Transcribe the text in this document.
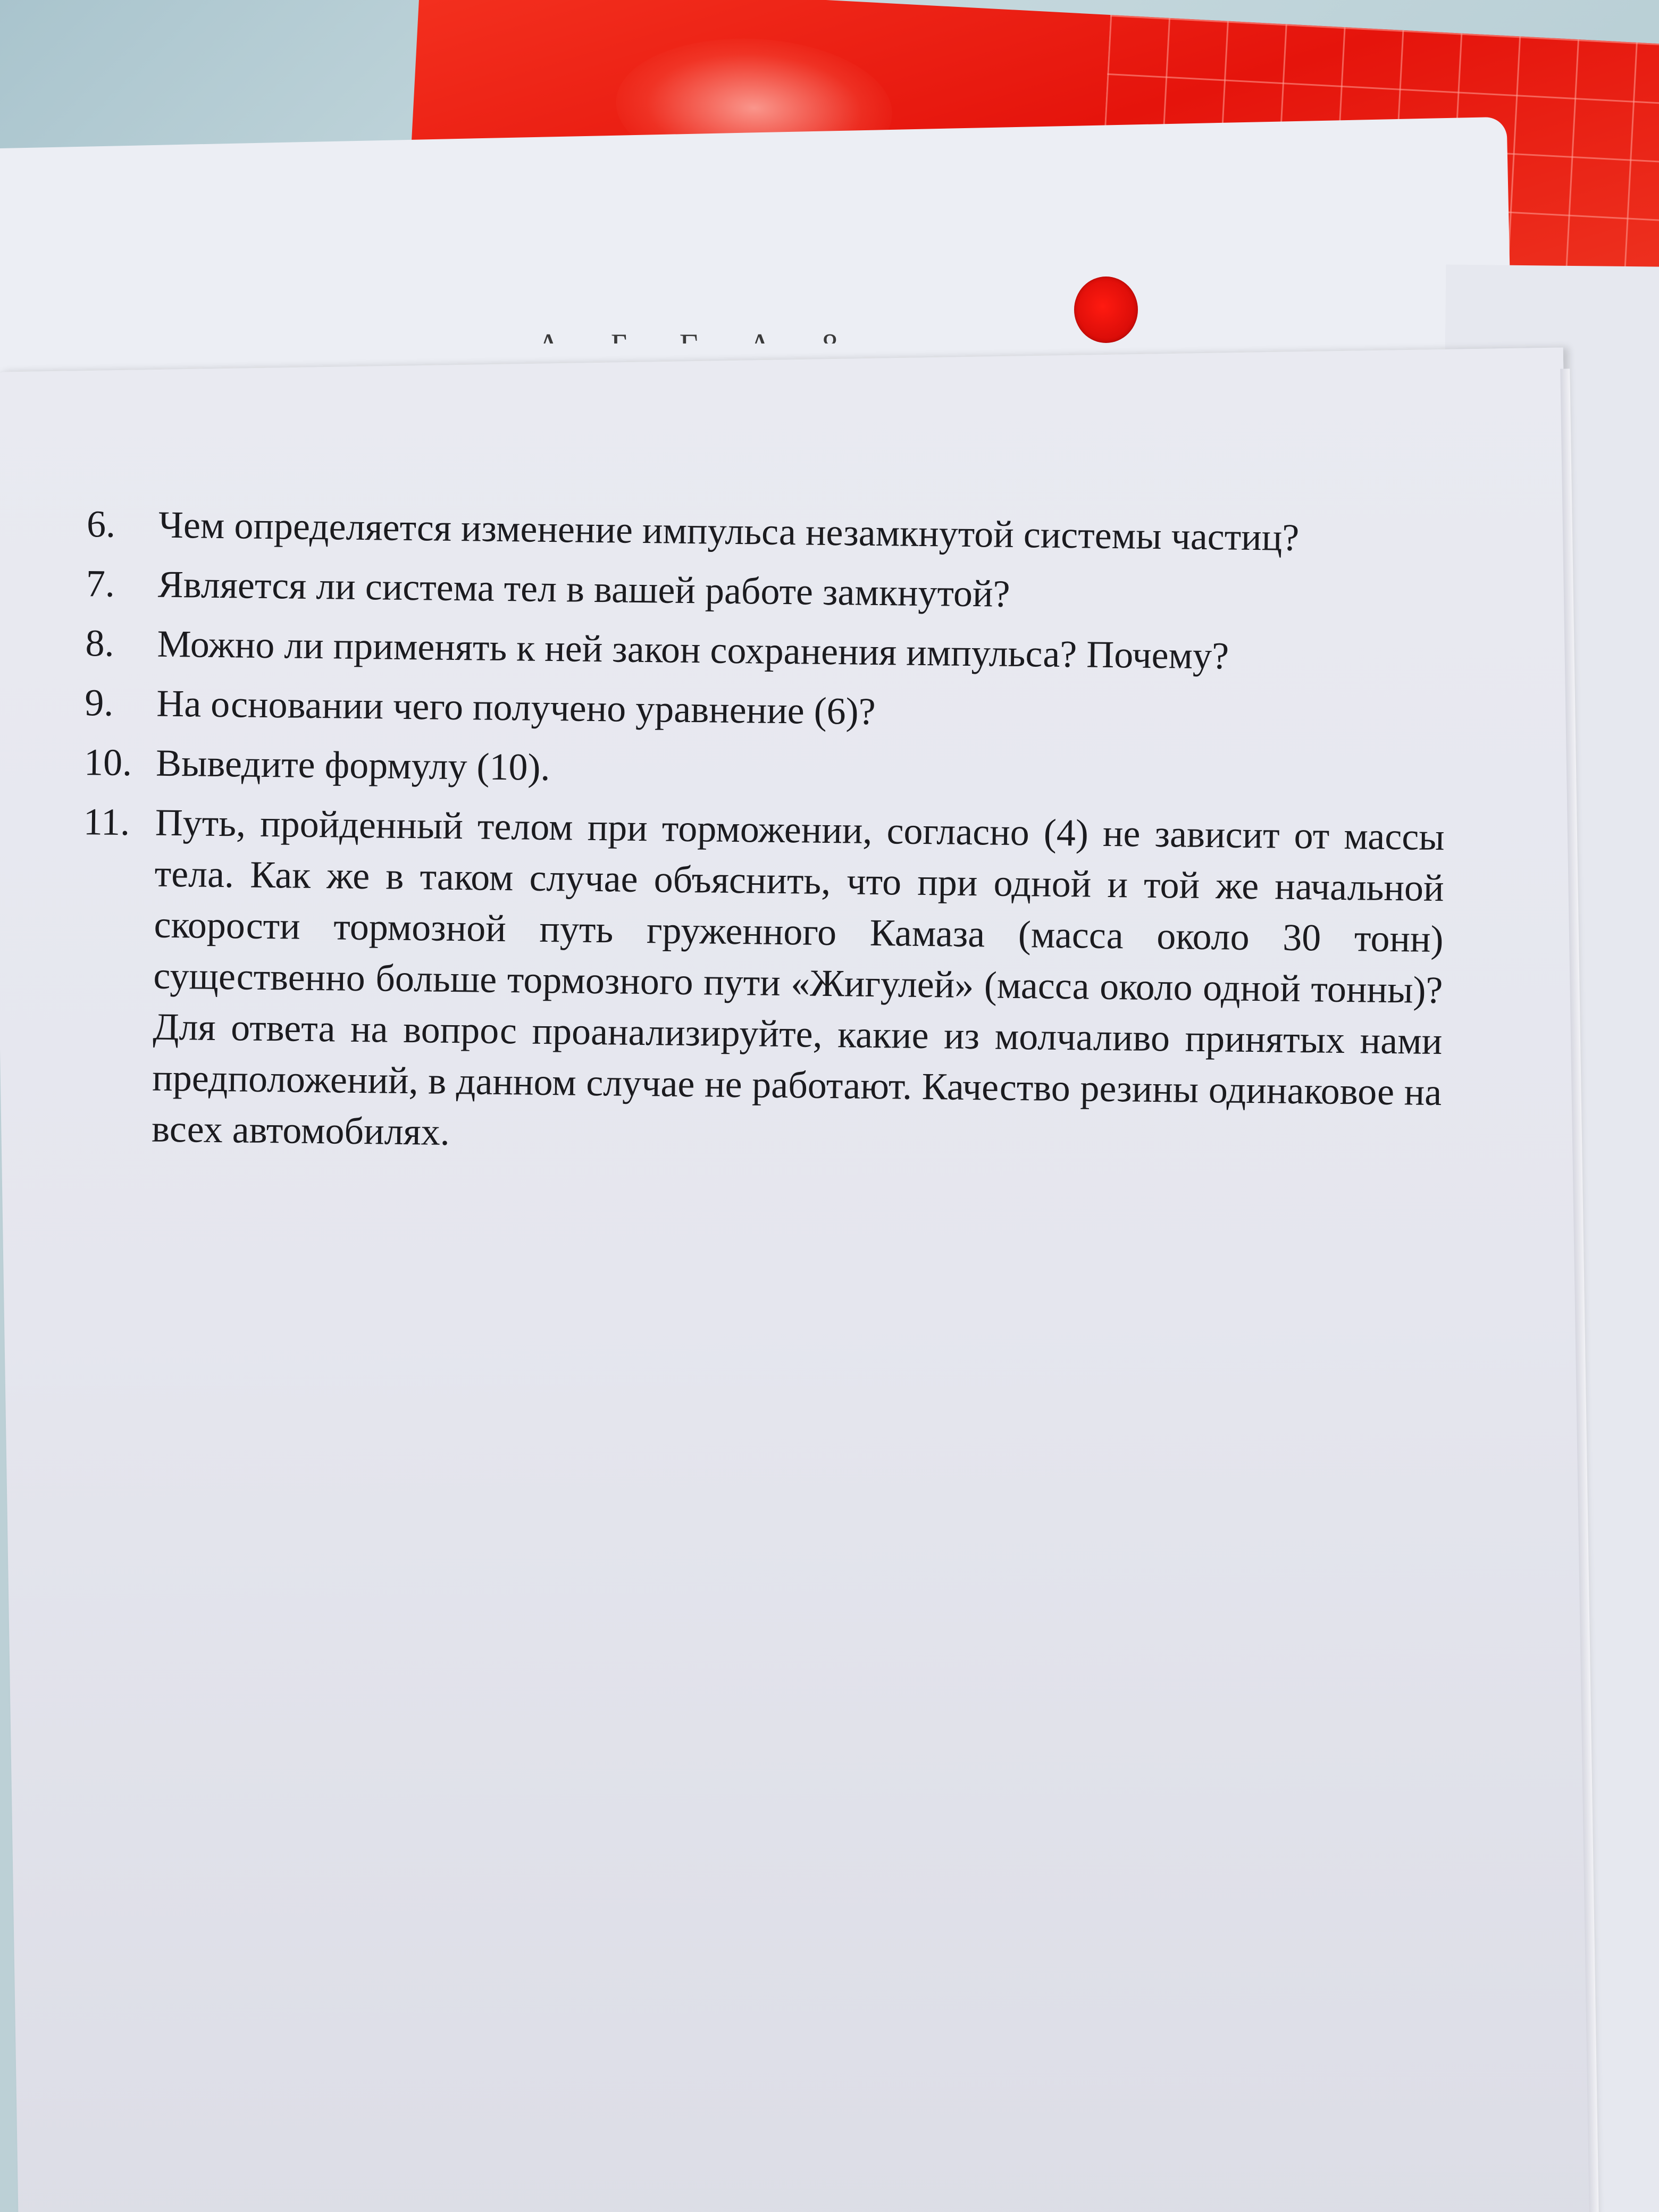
6.	Чем определяется изменение импульса незамкнутой системы частиц?
7.	Является ли система тел в вашей работе замкнутой?
8.	Можно ли применять к ней закон сохранения импульса? Почему?
9.	На основании чего получено уравнение (6)?
10. Выведите формулу (10).
11. Путь, пройденный телом при торможении, согласно (4) не зависит от массы тела. Как же в таком случае объяснить, что при одной и той же начальной скорости тормозной путь груженного Камаза (масса около 30 тонн) существенно больше тормозного пути «Жигулей» (масса около одной тонны)? Для ответа на вопрос проанализируйте, какие из молчаливо принятых нами предположений, в данном случае не работают. Качество резины одинаковое на всех автомобилях.
